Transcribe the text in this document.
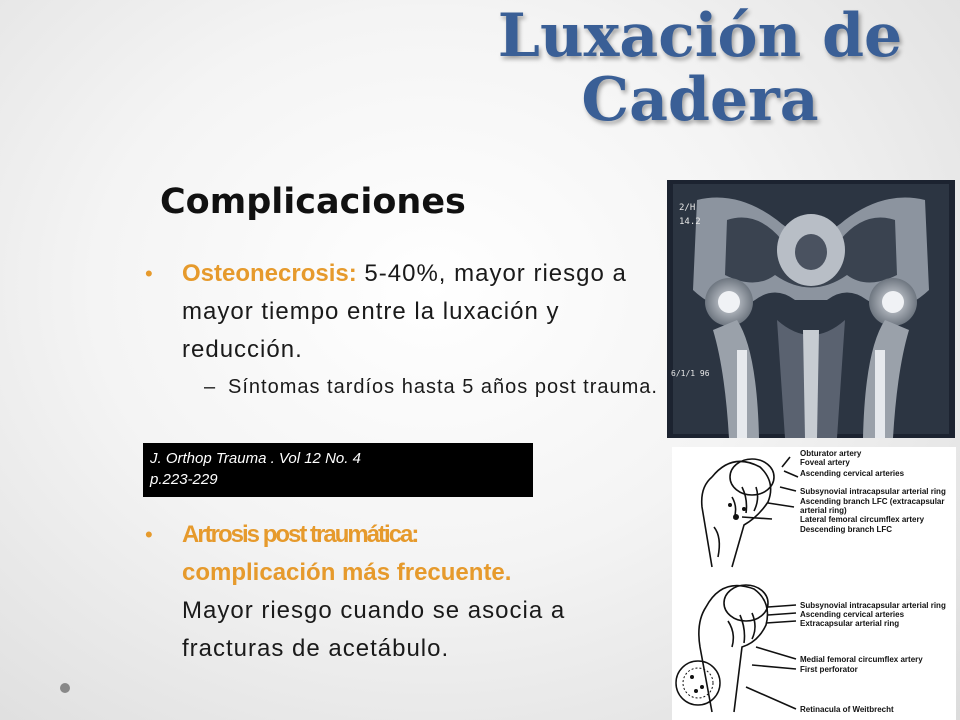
Luxación de
Cadera
Complicaciones
• Osteonecrosis: 5-40%, mayor riesgo a mayor tiempo entre la luxación y reducción.
– Síntomas tardíos hasta 5 años post trauma.
J. Orthop Trauma . Vol 12 No. 4
p.223-229
• Artrosis post traumática:
complicación más frecuente.
Mayor riesgo cuando se asocia a fracturas de acetábulo.
2/H
14.2
6/1/1 96
Obturator artery
Foveal artery
Ascending cervical arteries
Subsynovial intracapsular arterial ring
Ascending branch LFC (extracapsular
arterial ring)
Lateral femoral circumflex artery
Descending branch LFC
Subsynovial intracapsular arterial ring
Ascending cervical arteries
Extracapsular arterial ring
Medial femoral circumflex artery
First perforator
Retinacula of Weitbrecht
